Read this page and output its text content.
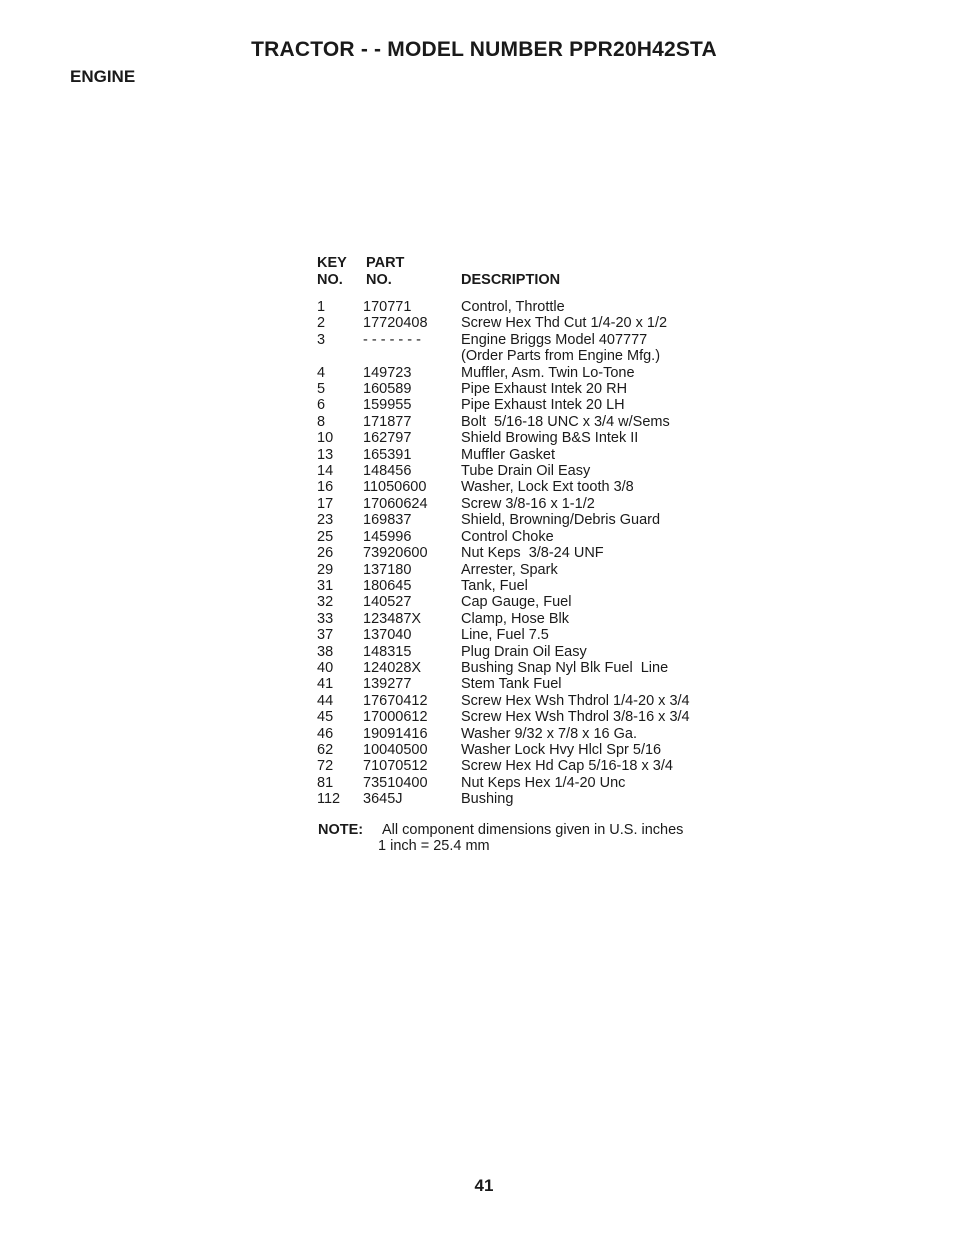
TRACTOR - - MODEL NUMBER PPR20H42STA
ENGINE
KEY
NO.
PART
NO.	DESCRIPTION
1	170771	Control, Throttle
2	17720408	Screw Hex Thd Cut 1/4-20 x 1/2
3	- - - - - - -	Engine Briggs Model 407777
(Order Parts from Engine Mfg.)
4	149723	Muffler, Asm. Twin Lo-Tone
5	160589	Pipe Exhaust Intek 20 RH
6	159955	Pipe Exhaust Intek 20 LH
8	171877	Bolt  5/16-18 UNC x 3/4 w/Sems
10	162797	Shield Browing B&S Intek II
13	165391	Muffler Gasket
14	148456	Tube Drain Oil Easy
16	11050600	Washer, Lock Ext tooth 3/8
17	17060624	Screw 3/8-16 x 1-1/2
23	169837	Shield, Browning/Debris Guard
25	145996	Control Choke
26	73920600	Nut Keps  3/8-24 UNF
29	137180	Arrester, Spark
31	180645	Tank, Fuel
32	140527	Cap Gauge, Fuel
33	123487X	Clamp, Hose Blk
37	137040	Line, Fuel 7.5
38	148315	Plug Drain Oil Easy
40	124028X	Bushing Snap Nyl Blk Fuel  Line
41	139277	Stem Tank Fuel
44	17670412	Screw Hex Wsh Thdrol 1/4-20 x 3/4
45	17000612	Screw Hex Wsh Thdrol 3/8-16 x 3/4
46	19091416	Washer 9/32 x 7/8 x 16 Ga.
62	10040500	Washer Lock Hvy Hlcl Spr 5/16
72	71070512	Screw Hex Hd Cap 5/16-18 x 3/4
81	73510400	Nut Keps Hex 1/4-20 Unc
112	3645J	Bushing
NOTE: All component dimensions given in U.S. inches
1 inch = 25.4 mm
41
